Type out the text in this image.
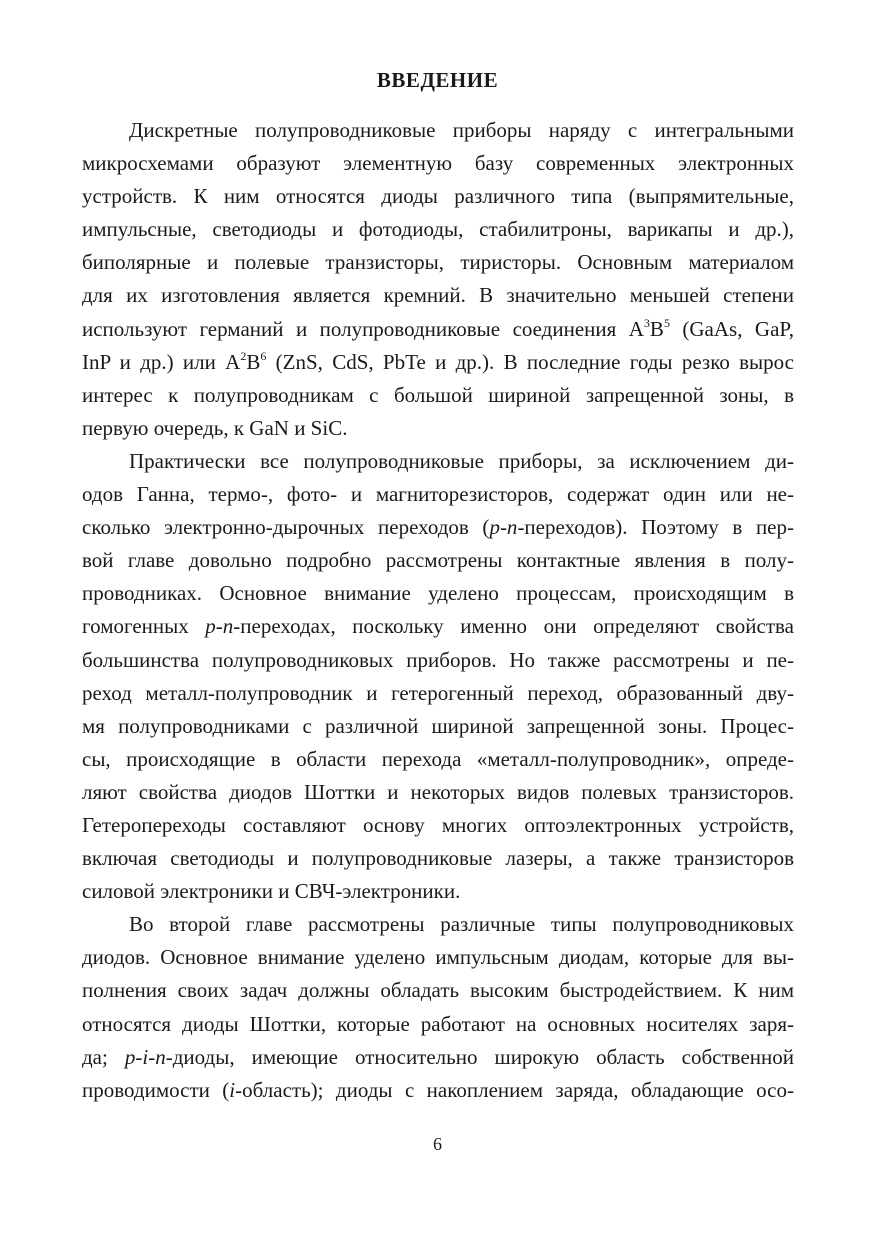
ВВЕДЕНИЕ
Дискретные полупроводниковые приборы наряду с интегральными
микросхемами образуют элементную базу современных электронных
устройств. К ним относятся диоды различного типа (выпрямительные,
импульсные, светодиоды и фотодиоды, стабилитроны, варикапы и др.),
биполярные и полевые транзисторы, тиристоры. Основным материалом
для их изготовления является кремний. В значительно меньшей степени
используют германий и полупроводниковые соединения $A^3B^5$ (GaAs, GaP,
InP и др.) или $A^2B^6$ (ZnS, CdS, PbTe и др.). В последние годы резко вырос
интерес к полупроводникам с большой шириной запрещенной зоны, в
первую очередь, к GaN и SiC.
Практически все полупроводниковые приборы, за исключением ди-
одов Ганна, термо-, фото- и магниторезисторов, содержат один или не-
сколько электронно-дырочных переходов (p-n-переходов). Поэтому в пер-
вой главе довольно подробно рассмотрены контактные явления в полу-
проводниках. Основное внимание уделено процессам, происходящим в
гомогенных p-n-переходах, поскольку именно они определяют свойства
большинства полупроводниковых приборов. Но также рассмотрены и пе-
реход металл-полупроводник и гетерогенный переход, образованный дву-
мя полупроводниками с различной шириной запрещенной зоны. Процес-
сы, происходящие в области перехода «металл-полупроводник», опреде-
ляют свойства диодов Шоттки и некоторых видов полевых транзисторов.
Гетеропереходы составляют основу многих оптоэлектронных устройств,
включая светодиоды и полупроводниковые лазеры, а также транзисторов
силовой электроники и СВЧ-электроники.
Во второй главе рассмотрены различные типы полупроводниковых
диодов. Основное внимание уделено импульсным диодам, которые для вы-
полнения своих задач должны обладать высоким быстродействием. К ним
относятся диоды Шоттки, которые работают на основных носителях заря-
да; p-i-n-диоды, имеющие относительно широкую область собственной
проводимости (i-область); диоды с накоплением заряда, обладающие осо-
6
